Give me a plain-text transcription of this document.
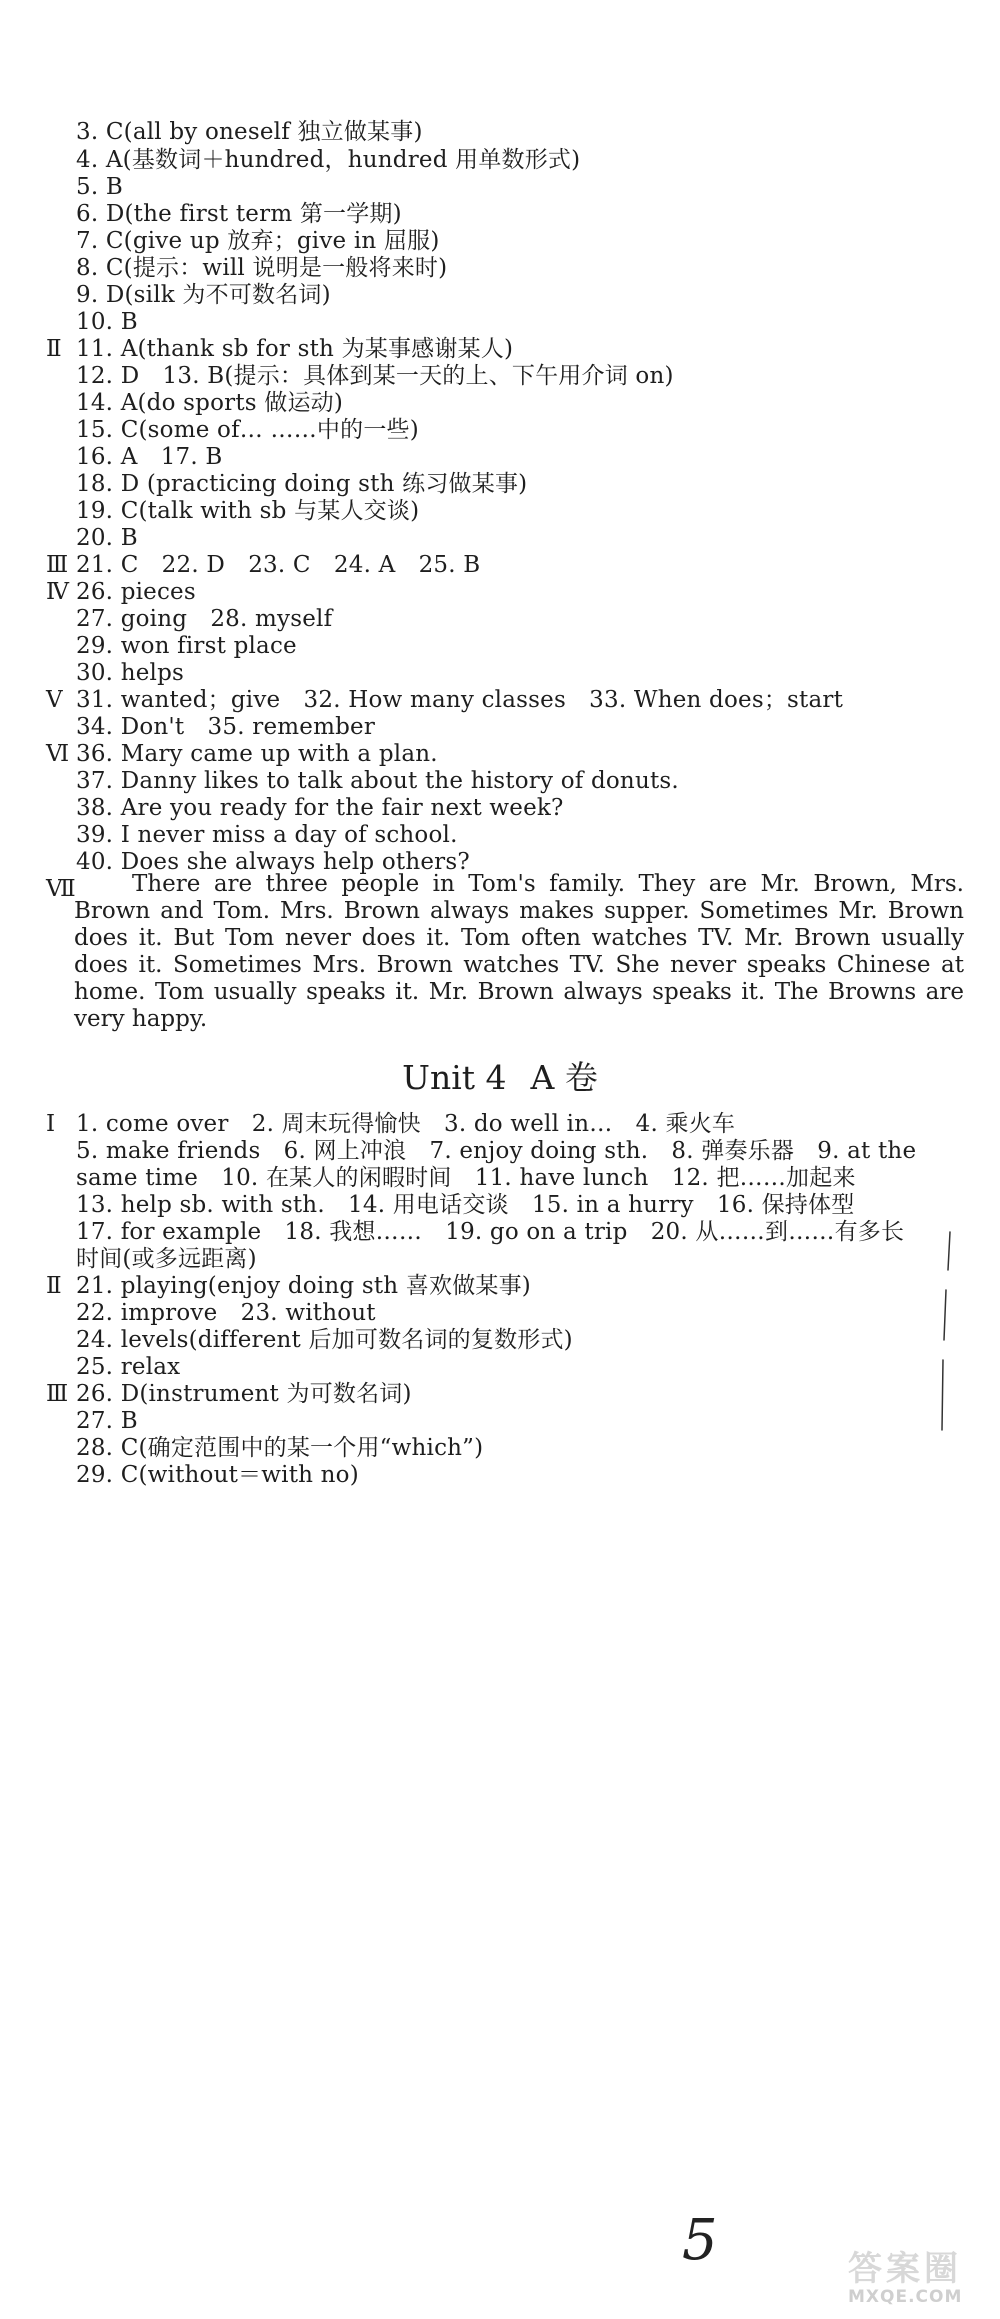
3. C(all by oneself 独立做某事)
4. A(基数词＋hundred，hundred 用单数形式)
5. B
6. D(the first term 第一学期)
7. C(give up 放弃；give in 屈服)
8. C(提示：will 说明是一般将来时)
9. D(silk 为不可数名词)
10. B
Ⅱ 11. A(thank sb for sth 为某事感谢某人)
12. D　13. B(提示：具体到某一天的上、下午用介词 on)
14. A(do sports 做运动)
15. C(some of… ……中的一些)
16. A　17. B
18. D (practicing doing sth 练习做某事)
19. C(talk with sb 与某人交谈)
20. B
Ⅲ 21. C　22. D　23. C　24. A　25. B
Ⅳ 26. pieces
27. going　28. myself
29. won first place
30. helps
Ⅴ 31. wanted；give　32. How many classes　33. When does；start
34. Don't　35. remember
Ⅵ 36. Mary came up with a plan.
37. Danny likes to talk about the history of donuts.
38. Are you ready for the fair next week?
39. I never miss a day of school.
40. Does she always help others?
Ⅶ	There are three people in Tom's family. They are Mr. Brown, Mrs.
Brown and Tom. Mrs. Brown always makes supper. Sometimes Mr. Brown
does it. But Tom never does it. Tom often watches TV. Mr. Brown usually
does it. Sometimes Mrs. Brown watches TV. She never speaks Chinese at
home. Tom usually speaks it. Mr. Brown always speaks it. The Browns are
very happy.
Unit 4 A 卷
Ⅰ 1. come over　2. 周末玩得愉快　3. do well in…　4. 乘火车
5. make friends　6. 网上冲浪　7. enjoy doing sth.　8. 弹奏乐器　9. at the
same time　10. 在某人的闲暇时间　11. have lunch　12. 把……加起来
13. help sb. with sth.　14. 用电话交谈　15. in a hurry　16. 保持体型
17. for example　18. 我想……　19. go on a trip　20. 从……到……有多长
时间(或多远距离)
Ⅱ 21. playing(enjoy doing sth 喜欢做某事)
22. improve　23. without
24. levels(different 后加可数名词的复数形式)
25. relax
Ⅲ 26. D(instrument 为可数名词)
27. B
28. C(确定范围中的某一个用“which”)
29. C(without＝with no)
5	答案圈
MXQE.COM
